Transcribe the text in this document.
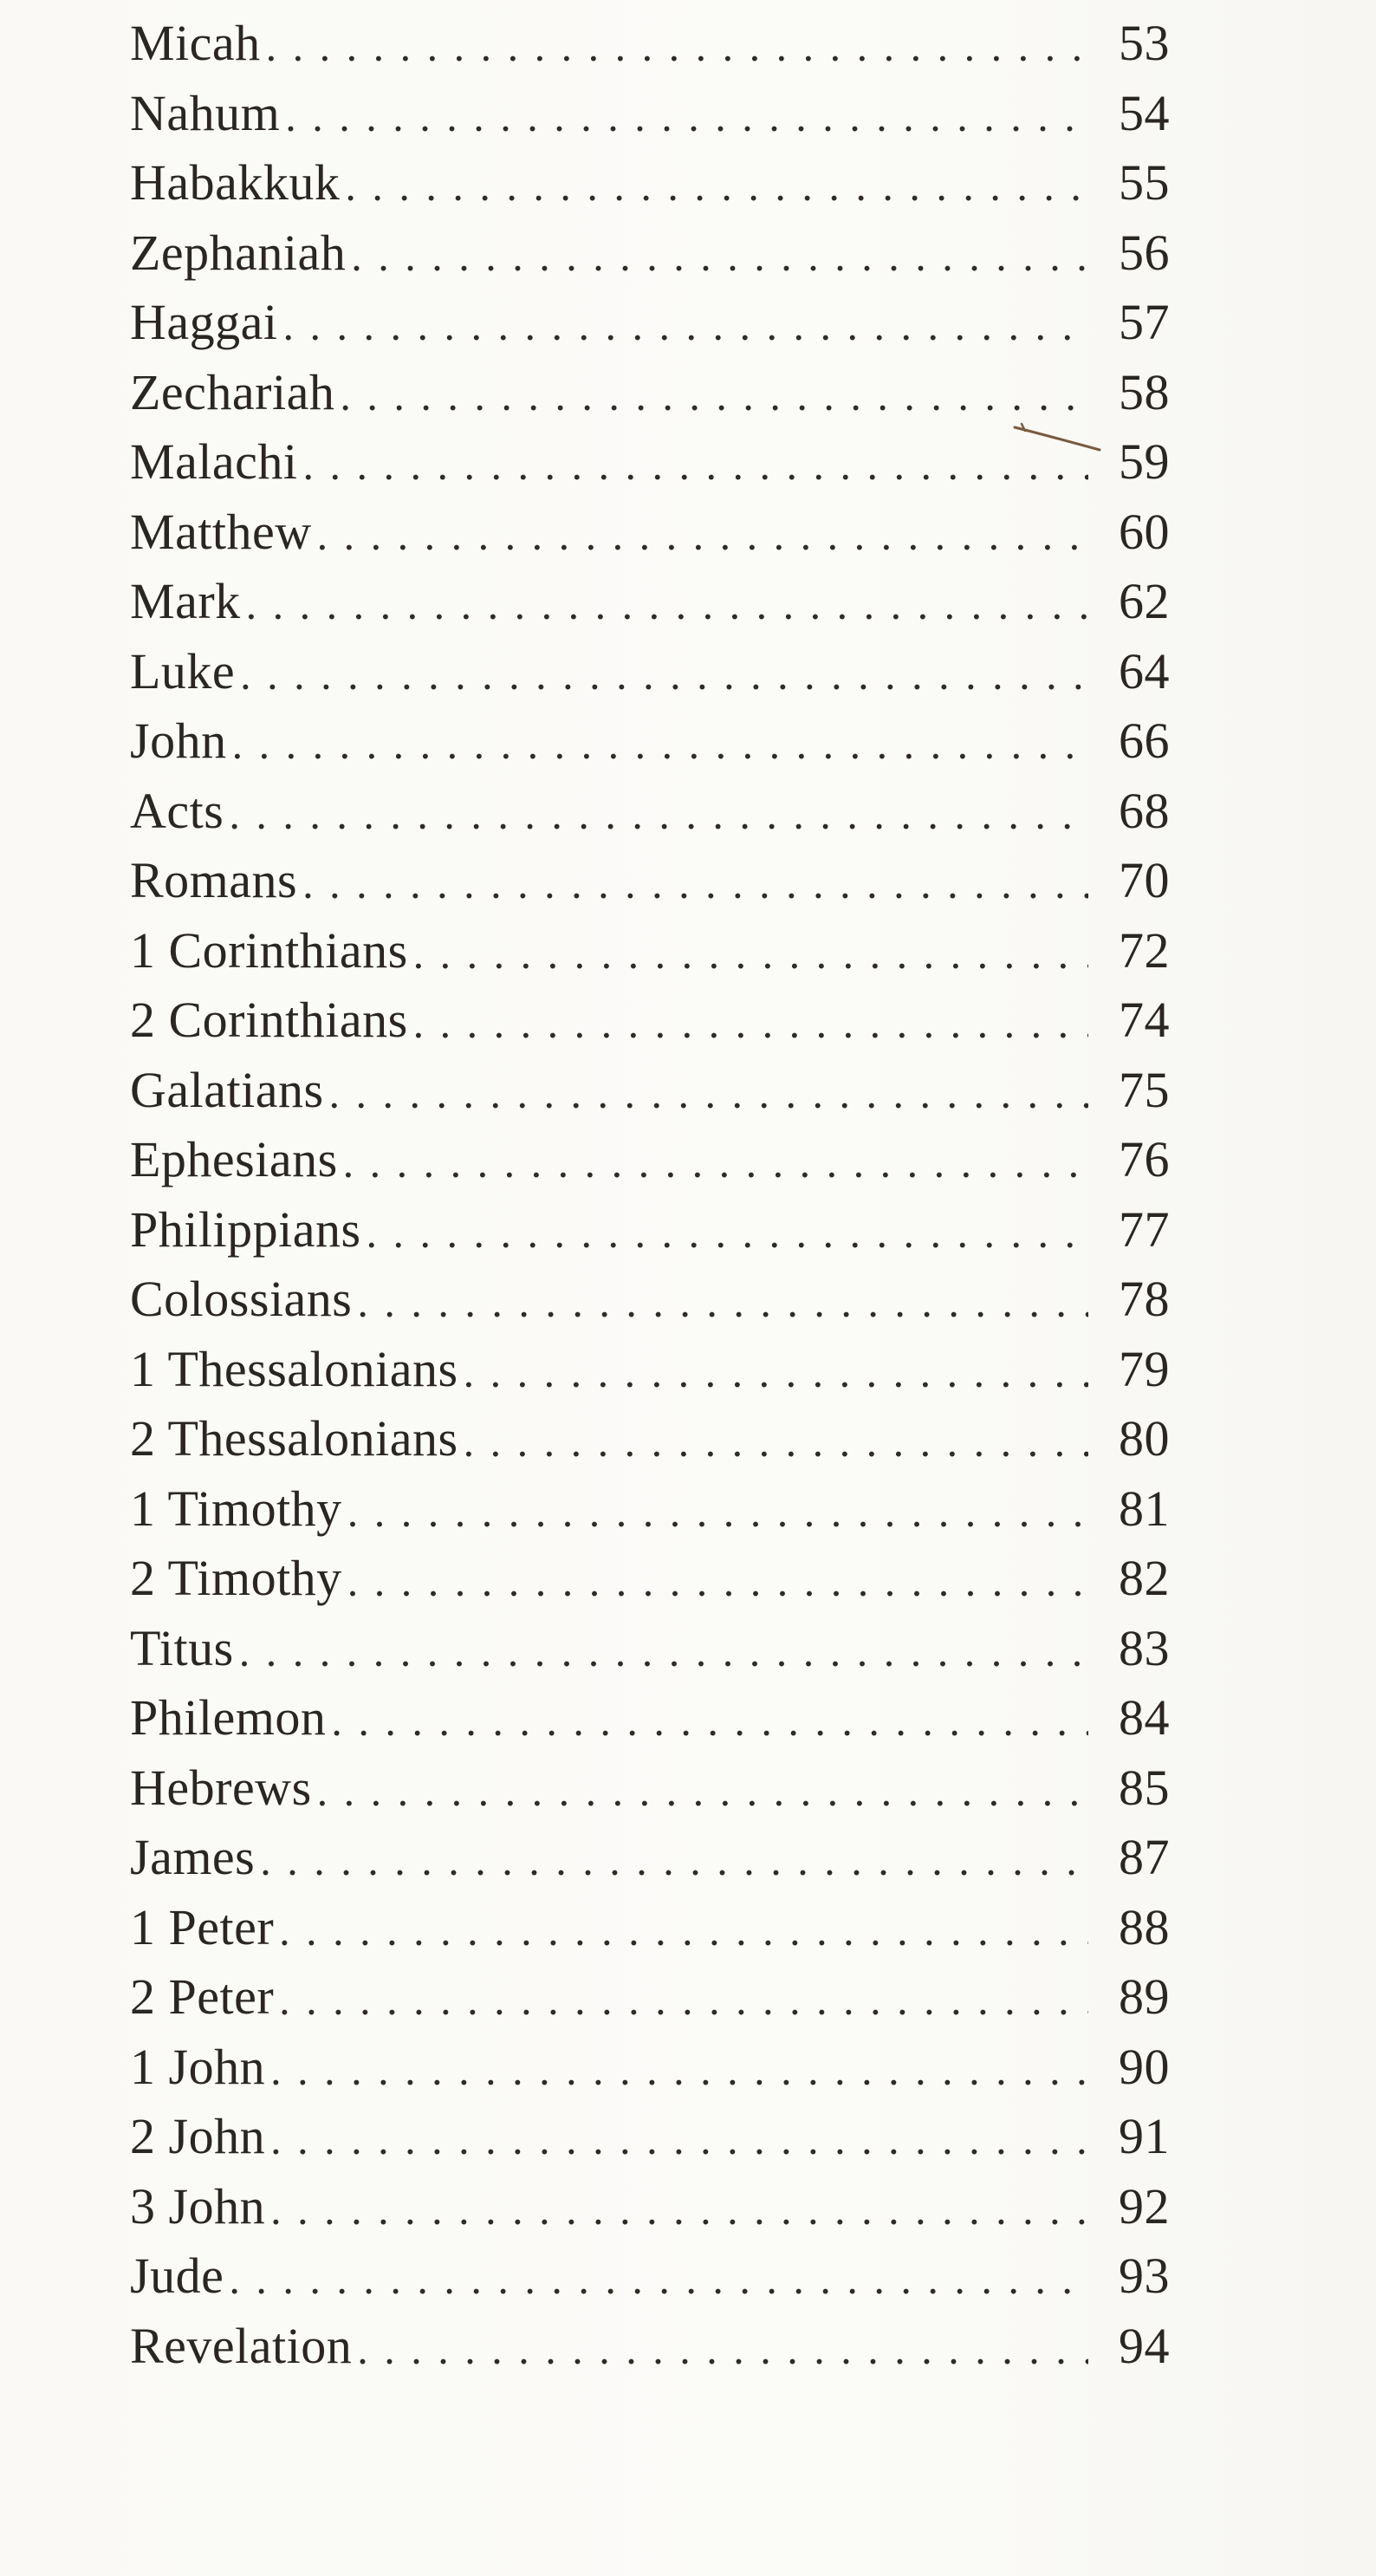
Micah . . .	53
Nahum . . .	54
Habakkuk . . .	55
Zephaniah . . .	56
Haggai . . .	57
Zechariah . . .	58
Malachi . . .	59
Matthew . . .	60
Mark . . .	62
Luke . . .	64
John . . .	66
Acts . . .	68
Romans . . .	70
1 Corinthians . . .	72
2 Corinthians . . .	74
Galatians . . .	75
Ephesians . . .	76
Philippians . . .	77
Colossians . . .	78
1 Thessalonians . . .	79
2 Thessalonians . . .	80
1 Timothy . . .	81
2 Timothy . . .	82
Titus . . .	83
Philemon . . .	84
Hebrews . . .	85
James . . .	87
1 Peter . . .	88
2 Peter . . .	89
1 John . . .	90
2 John . . .	91
3 John . . .	92
Jude . . .	93
Revelation . . .	94
